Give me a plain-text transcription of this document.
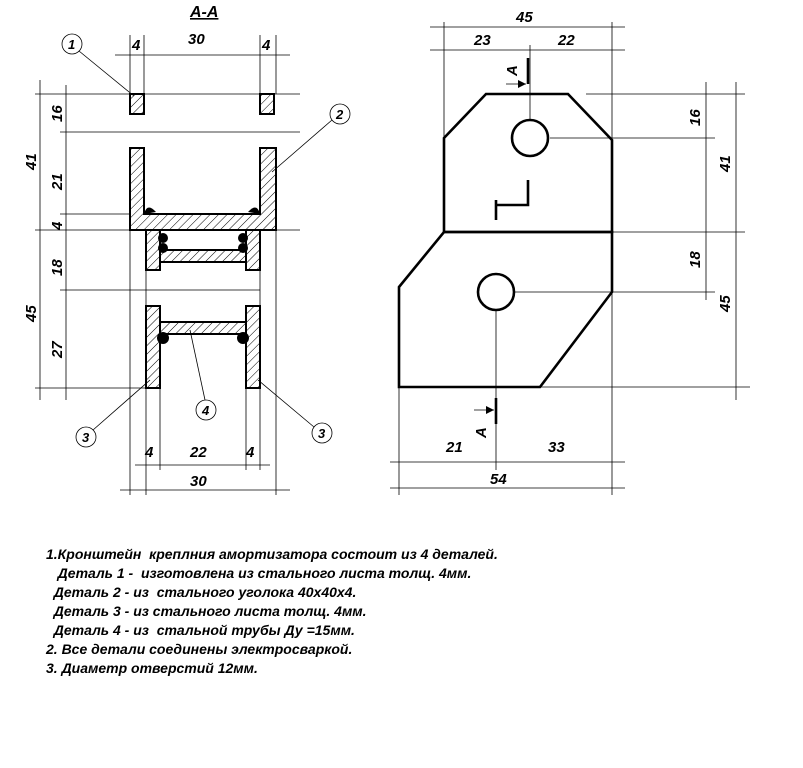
А-А
4	30	4
41
45
16
21
4
18
27
4 22	4
30
1
2
3
4
3
А
А
45
23	22
16
18
41
45
21	33
54
1.Кронштейн  креплния амортизатора состоит из 4 деталей.
Деталь 1 -  изготовлена из стального листа толщ. 4мм.
Деталь 2 - из  стального уголока 40х40х4.
Деталь 3 - из стального листа толщ. 4мм.
Деталь 4 - из  стальной трубы Ду =15мм.
2. Все детали соединены электросваркой.
3. Диаметр отверстий 12мм.
